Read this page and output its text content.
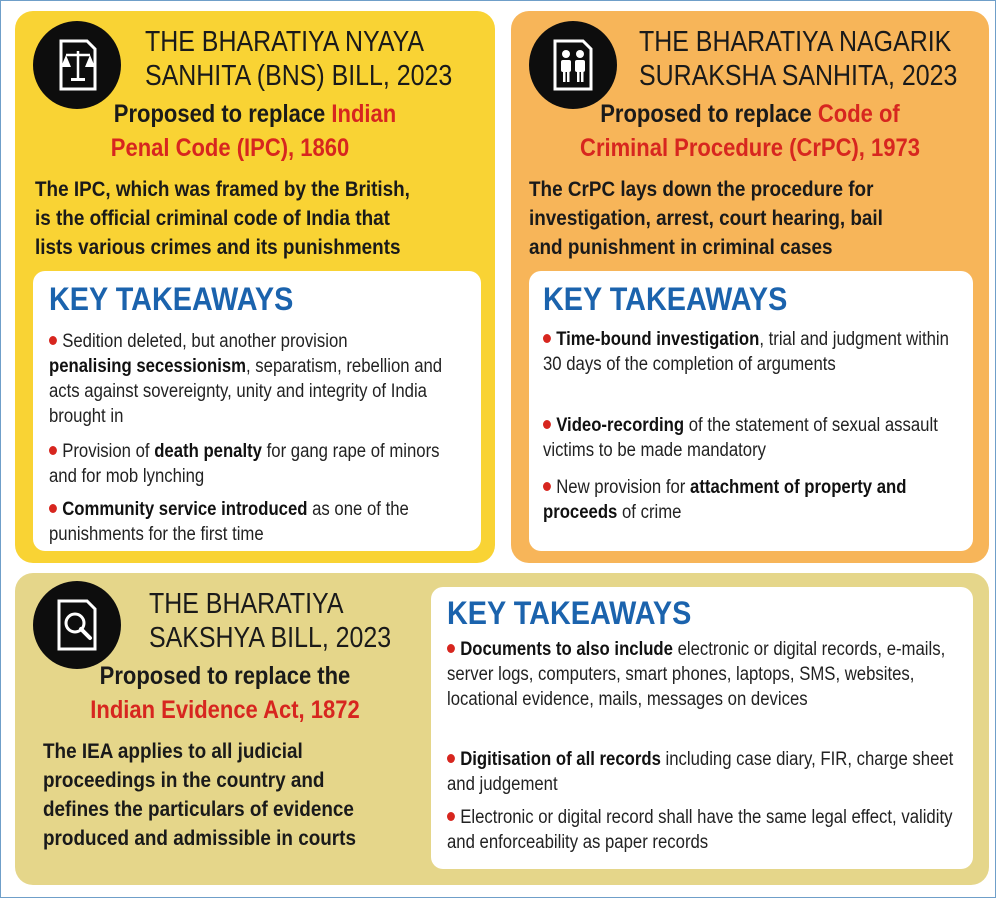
THE BHARATIYA NYAYA
SANHITA (BNS) BILL, 2023
Proposed to replace Indian
Penal Code (IPC), 1860
The IPC, which was framed by the British,
is the official criminal code of India that
lists various crimes and its punishments
KEY TAKEAWAYS
Sedition deleted, but another provision
penalising secessionism, separatism, rebellion and acts against sovereignty, unity and integrity of India brought in
Provision of death penalty for gang rape of minors and for mob lynching
Community service introduced as one of the punishments for the first time
THE BHARATIYA NAGARIK
SURAKSHA SANHITA, 2023
Proposed to replace Code of
Criminal Procedure (CrPC), 1973
The CrPC lays down the procedure for
investigation, arrest, court hearing, bail
and punishment in criminal cases
KEY TAKEAWAYS
Time-bound investigation, trial and judgment within 30 days of the completion of arguments
Video-recording of the statement of sexual assault victims to be made mandatory
New provision for attachment of property and proceeds of crime
THE BHARATIYA
SAKSHYA BILL, 2023
Proposed to replace the
Indian Evidence Act, 1872
The IEA applies to all judicial
proceedings in the country and
defines the particulars of evidence
produced and admissible in courts
KEY TAKEAWAYS
Documents to also include electronic or digital records, e-mails, server logs, computers, smart phones, laptops, SMS, websites, locational evidence, mails, messages on devices
Digitisation of all records including case diary, FIR, charge sheet and judgement
Electronic or digital record shall have the same legal effect, validity and enforceability as paper records
